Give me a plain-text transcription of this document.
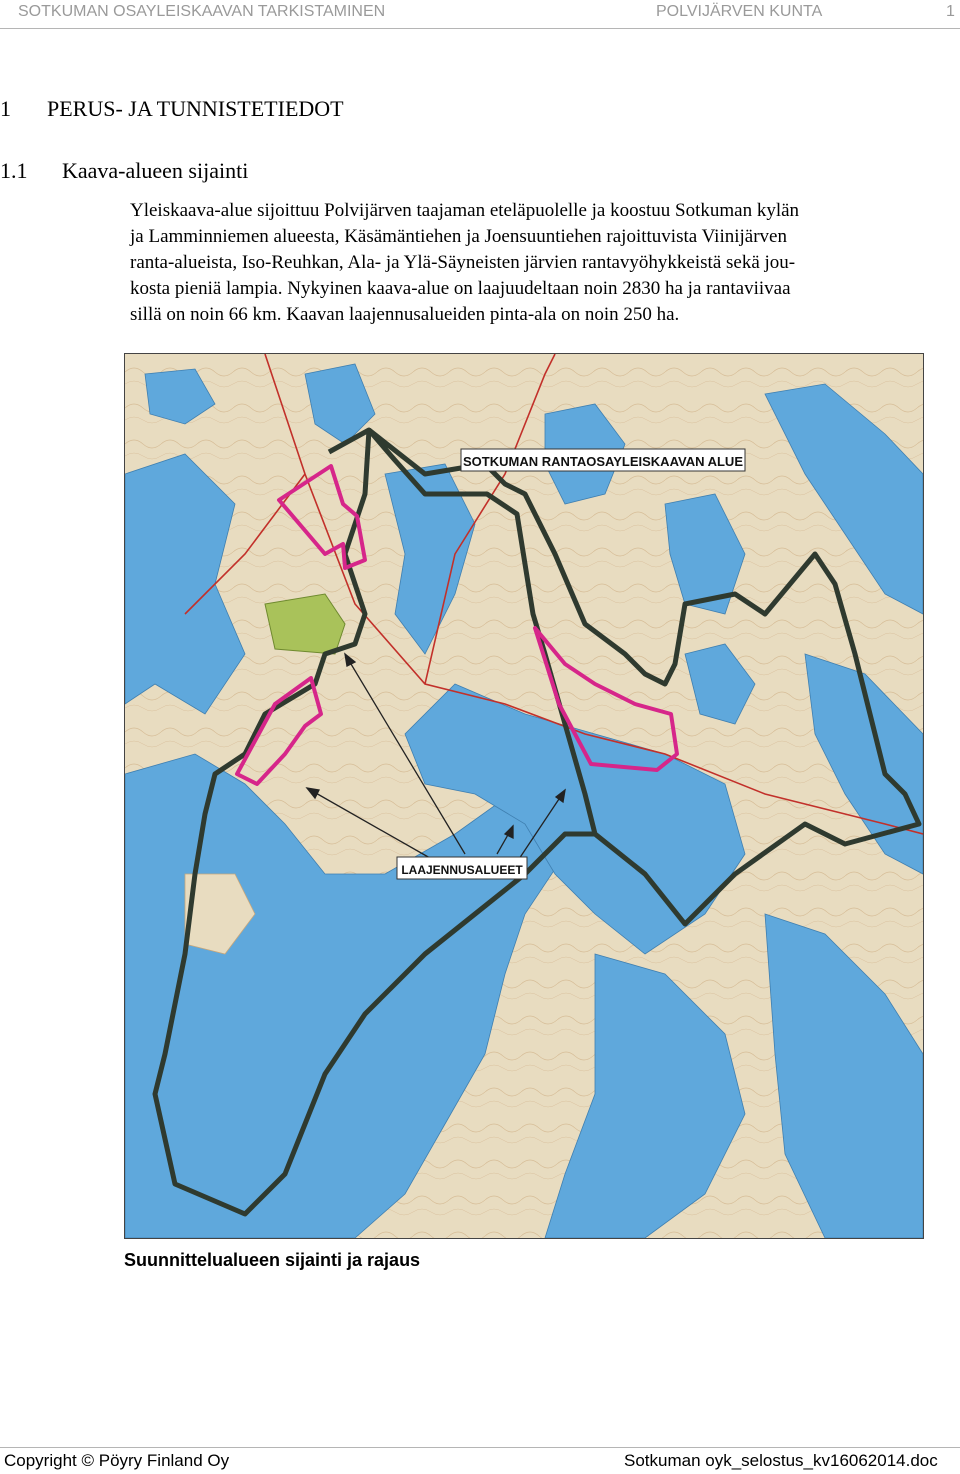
SOTKUMAN OSAYLEISKAAVAN TARKISTAMINEN	POLVIJÄRVEN KUNTA	1
1 PERUS- JA TUNNISTETIEDOT
1.1 Kaava-alueen sijainti
Yleiskaava-alue sijoittuu Polvijärven taajaman eteläpuolelle ja koostuu Sotkuman kylän
ja Lamminniemen alueesta, Käsämäntiehen ja Joensuuntiehen rajoittuvista Viinijärven
ranta-alueista, Iso-Reuhkan, Ala- ja Ylä-Säyneisten järvien rantavyöhykkeistä sekä jou-
kosta pieniä lampia. Nykyinen kaava-alue on laajuudeltaan noin 2830 ha ja rantaviivaa
sillä on noin 66 km. Kaavan laajennusalueiden pinta-ala on noin 250 ha.
SOTKUMAN RANTAOSAYLEISKAAVAN ALUE
LAAJENNUSALUEET
Suunnittelualueen sijainti ja rajaus
Copyright © Pöyry Finland Oy	Sotkuman oyk_selostus_kv16062014.doc
